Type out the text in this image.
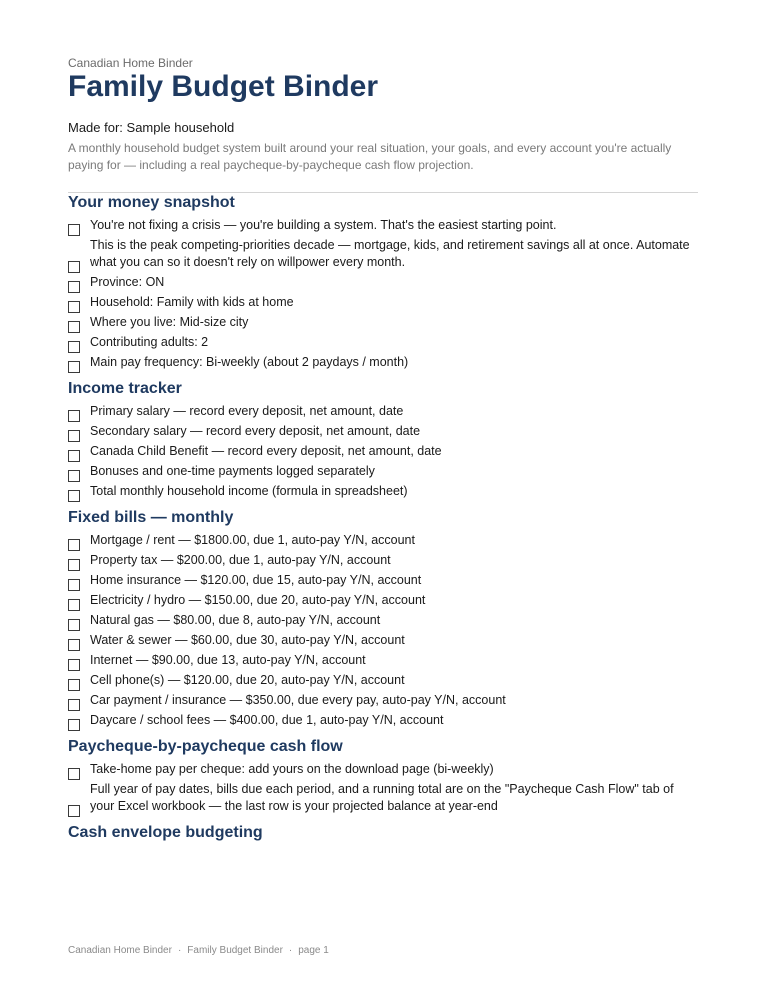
Canadian Home Binder
Family Budget Binder
Made for: Sample household
A monthly household budget system built around your real situation, your goals, and every account you're actually paying for — including a real paycheque-by-paycheque cash flow projection.
Your money snapshot
You're not fixing a crisis — you're building a system. That's the easiest starting point.
This is the peak competing-priorities decade — mortgage, kids, and retirement savings all at once. Automate what you can so it doesn't rely on willpower every month.
Province: ON
Household: Family with kids at home
Where you live: Mid-size city
Contributing adults: 2
Main pay frequency: Bi-weekly (about 2 paydays / month)
Income tracker
Primary salary — record every deposit, net amount, date
Secondary salary — record every deposit, net amount, date
Canada Child Benefit — record every deposit, net amount, date
Bonuses and one-time payments logged separately
Total monthly household income (formula in spreadsheet)
Fixed bills — monthly
Mortgage / rent — $1800.00, due 1, auto-pay Y/N, account
Property tax — $200.00, due 1, auto-pay Y/N, account
Home insurance — $120.00, due 15, auto-pay Y/N, account
Electricity / hydro — $150.00, due 20, auto-pay Y/N, account
Natural gas — $80.00, due 8, auto-pay Y/N, account
Water & sewer — $60.00, due 30, auto-pay Y/N, account
Internet — $90.00, due 13, auto-pay Y/N, account
Cell phone(s) — $120.00, due 20, auto-pay Y/N, account
Car payment / insurance — $350.00, due every pay, auto-pay Y/N, account
Daycare / school fees — $400.00, due 1, auto-pay Y/N, account
Paycheque-by-paycheque cash flow
Take-home pay per cheque: add yours on the download page (bi-weekly)
Full year of pay dates, bills due each period, and a running total are on the "Paycheque Cash Flow" tab of your Excel workbook — the last row is your projected balance at year-end
Cash envelope budgeting
Canadian Home Binder · Family Budget Binder · page 1
